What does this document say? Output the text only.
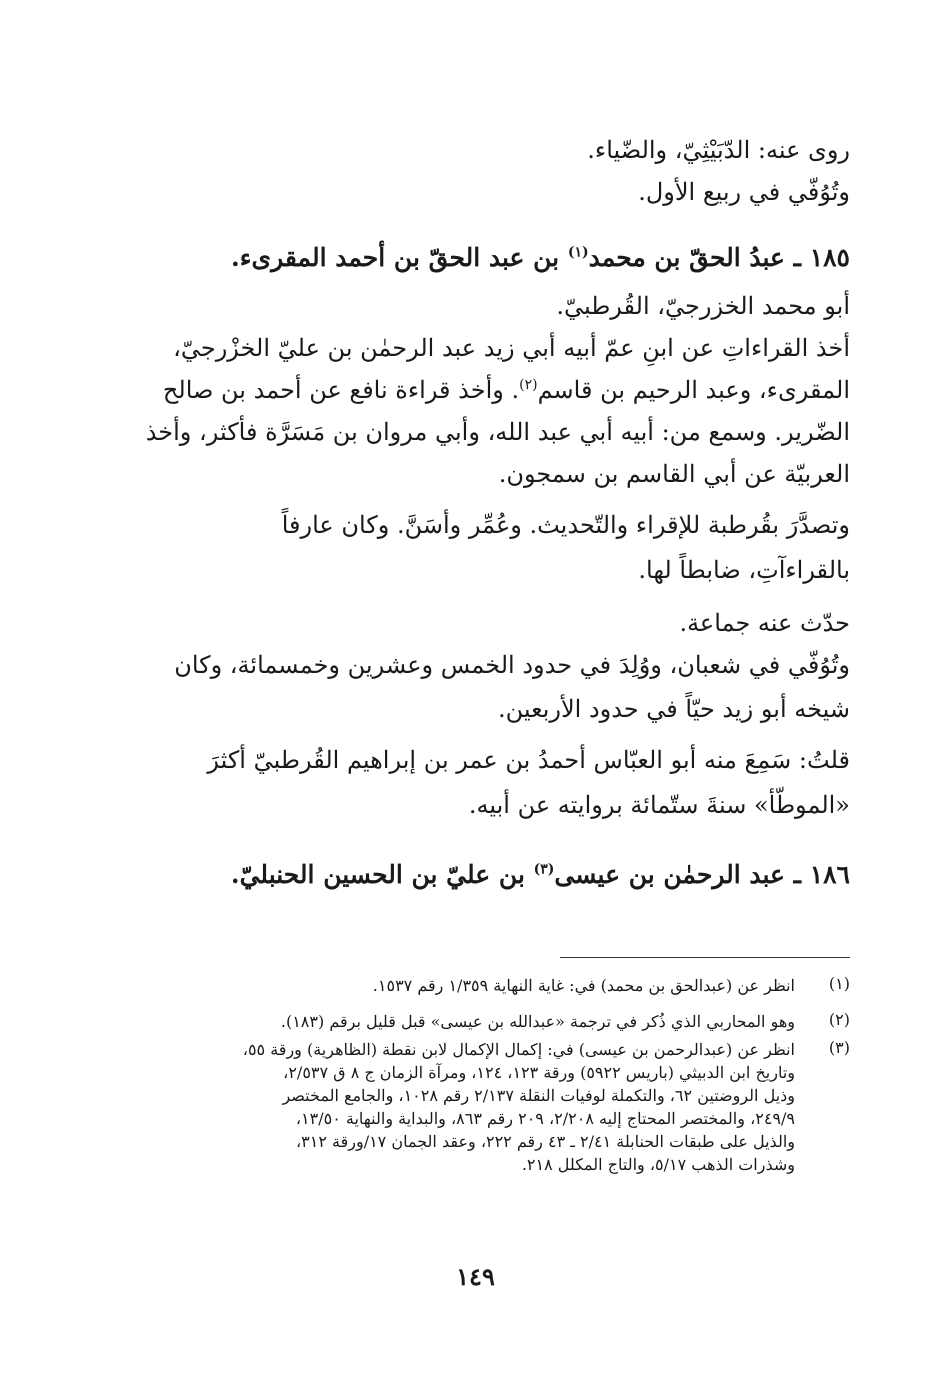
روى عنه: الدّبَيْثِيّ، والضّياء.
وتُوُفّي في ربيع الأول.
١٨٥ ـ عبدُ الحقّ بن محمد$^{(١)}$ بن عبد الحقّ بن أحمد المقرىء.
أبو محمد الخزرجيّ، القُرطبيّ.
أخذ القراءاتِ عن ابنِ عمّ أبيه أبي زيد عبد الرحمٰن بن عليّ الخزْرجيّ،
المقرىء، وعبد الرحيم بن قاسم$^{(٢)}$. وأخذ قراءة نافع عن أحمد بن صالح
الضّرير. وسمع من: أبيه أبي عبد الله، وأبي مروان بن مَسَرَّة فأكثر، وأخذ
العربيّة عن أبي القاسم بن سمجون.
وتصدَّرَ بقُرطبة للإقراء والتّحديث. وعُمِّر وأسَنَّ. وكان عارفاً
بالقراءآتِ، ضابطاً لها.
حدّث عنه جماعة.
وتُوُفّي في شعبان، ووُلِدَ في حدود الخمس وعشرين وخمسمائة، وكان
شيخه أبو زيد حيّاً في حدود الأربعين.
قلتُ: سَمِعَ منه أبو العبّاس أحمدُ بن عمر بن إبراهيم القُرطبيّ أكثرَ
«الموطّأ» سنةَ ستّمائة بروايته عن أبيه.
١٨٦ ـ عبد الرحمٰن بن عيسى$^{(٣)}$ بن عليّ بن الحسين الحنبليّ.
(١)
انظر عن (عبدالحق بن محمد) في: غاية النهاية ١/٣٥٩ رقم ١٥٣٧.
(٢)
وهو المحاربي الذي ذُكر في ترجمة «عبدالله بن عيسى» قبل قليل برقم (١٨٣).
(٣)
انظر عن (عبدالرحمن بن عيسى) في: إكمال الإكمال لابن نقطة (الظاهرية) ورقة ٥٥،
وتاريخ ابن الدبيثي (باريس ٥٩٢٢) ورقة ١٢٣، ١٢٤، ومرآة الزمان ج ٨ ق ٢/٥٣٧،
وذيل الروضتين ٦٢، والتكملة لوفيات النقلة ٢/١٣٧ رقم ١٠٢٨، والجامع المختصر
٢٤٩/٩، والمختصر المحتاج إليه ٢/٢٠٨، ٢٠٩ رقم ٨٦٣، والبداية والنهاية ١٣/٥٠،
والذيل على طبقات الحنابلة ٢/٤١ ـ ٤٣ رقم ٢٢٢، وعقد الجمان ١٧/ورقة ٣١٢،
وشذرات الذهب ٥/١٧، والتاج المكلل ٢١٨.
١٤٩
